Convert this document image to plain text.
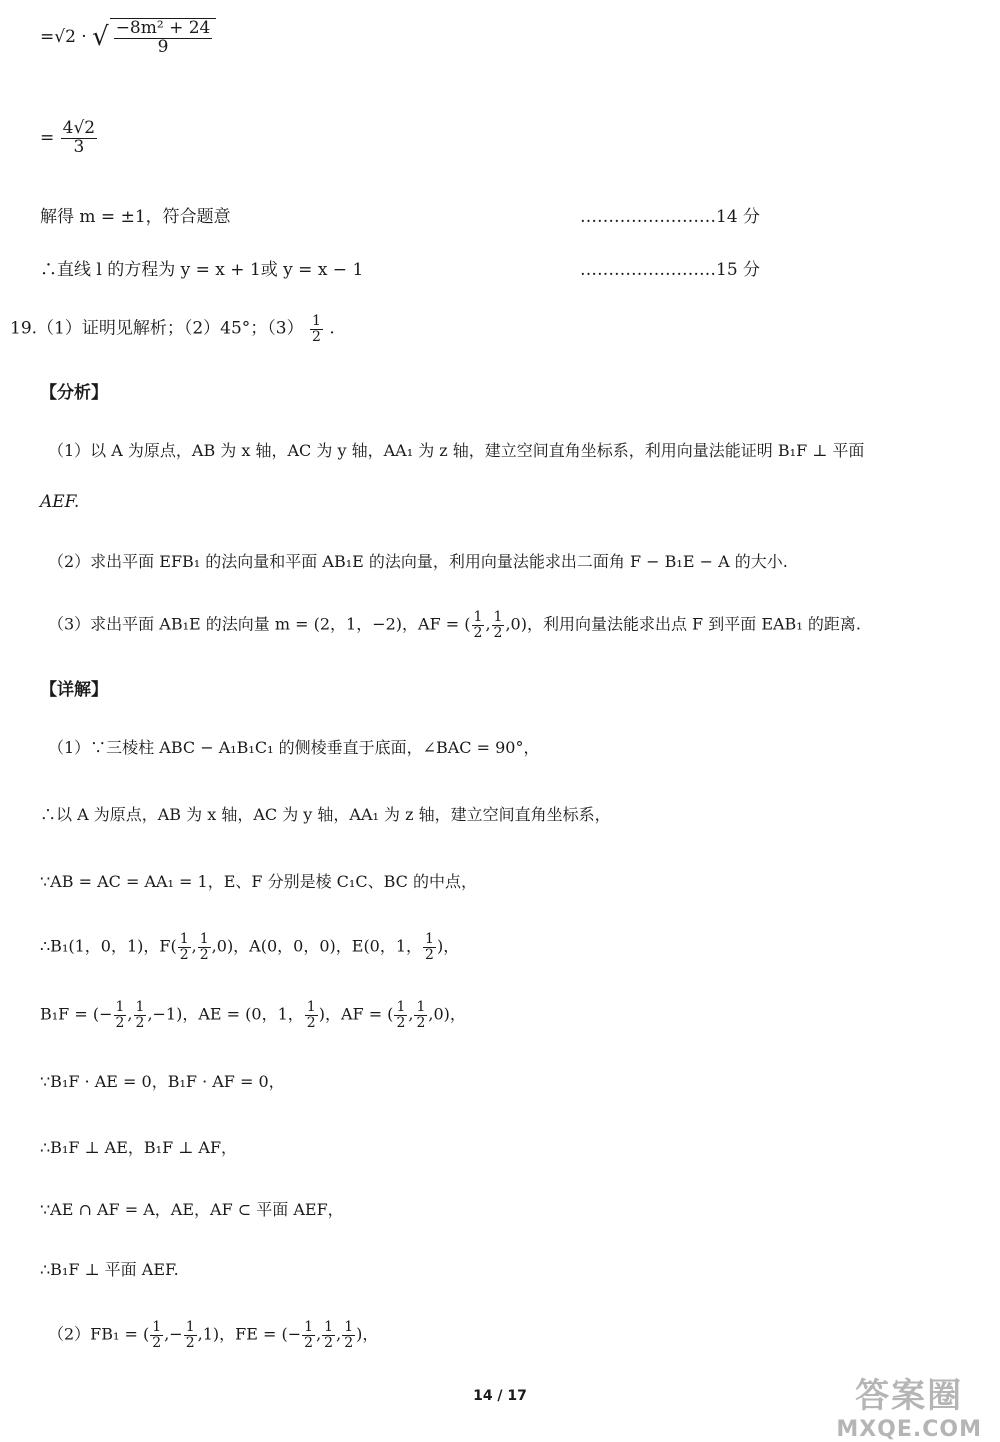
=√2 · √ $\frac{\text{−8m² + 24}}{9}$
= $\frac{4√2}{3}$
解得 m = ±1，符合题意	……………………14 分
∴直线 l 的方程为 y = x + 1或 y = x − 1	……………………15 分
19.（1）证明见解析；（2）45°；$(3) \frac{1}{2}$ .
【分析】
（1）以 A 为原点，AB 为 x 轴，AC 为 y 轴，AA₁ 为 z 轴，建立空间直角坐标系，利用向量法能证明 B₁F ⊥ 平面
AEF.
（2）求出平面 EFB₁ 的法向量和平面 AB₁E 的法向量，利用向量法能求出二面角 F − B₁E − A 的大小.
（3）求出平面 AB₁E 的法向量 m = (2，1，−2)，AF = ( $\frac{1}{2}$ , $\frac{1}{2} ,0$)，利用向量法能求出点 F 到平面 EAB₁ 的距离.
【详解】
（1）∵三棱柱 ABC − A₁B₁C₁ 的侧棱垂直于底面，∠BAC = 90°，
∴以 A 为原点，AB 为 x 轴，AC 为 y 轴，AA₁ 为 z 轴，建立空间直角坐标系，
∵AB = AC = AA₁ = 1，E、F 分别是棱 C₁C、BC 的中点，
∴B₁(1，0，1)，$F( \frac{1}{2}$ , $\frac{1}{2} ,0$)，A(0，0，0)，E(0，1， $\frac{1}{2}$ )，
B₁F = (− $\frac{1}{2}$ , $\frac{1}{2} ,-1$)，AE = (0，1， $\frac{1}{2}$ )，AF = ( $\frac{1}{2}$ , $\frac{1}{2} ,0$)，
∵B₁F · AE = 0，B₁F · AF = 0，
∴B₁F ⊥ AE，B₁F ⊥ AF，
∵AE ∩ AF = A，AE，AF ⊂ 平面 AEF，
∴B₁F ⊥ 平面 AEF.
（2）FB₁ = ( $\frac{1}{2}$ ,− $\frac{1}{2} ,1$)，FE = (− $\frac{1}{2}$ , $\frac{1}{2}$ , $\frac{1}{2}$ )，
14 / 17	答案圈
MXQE.COM
